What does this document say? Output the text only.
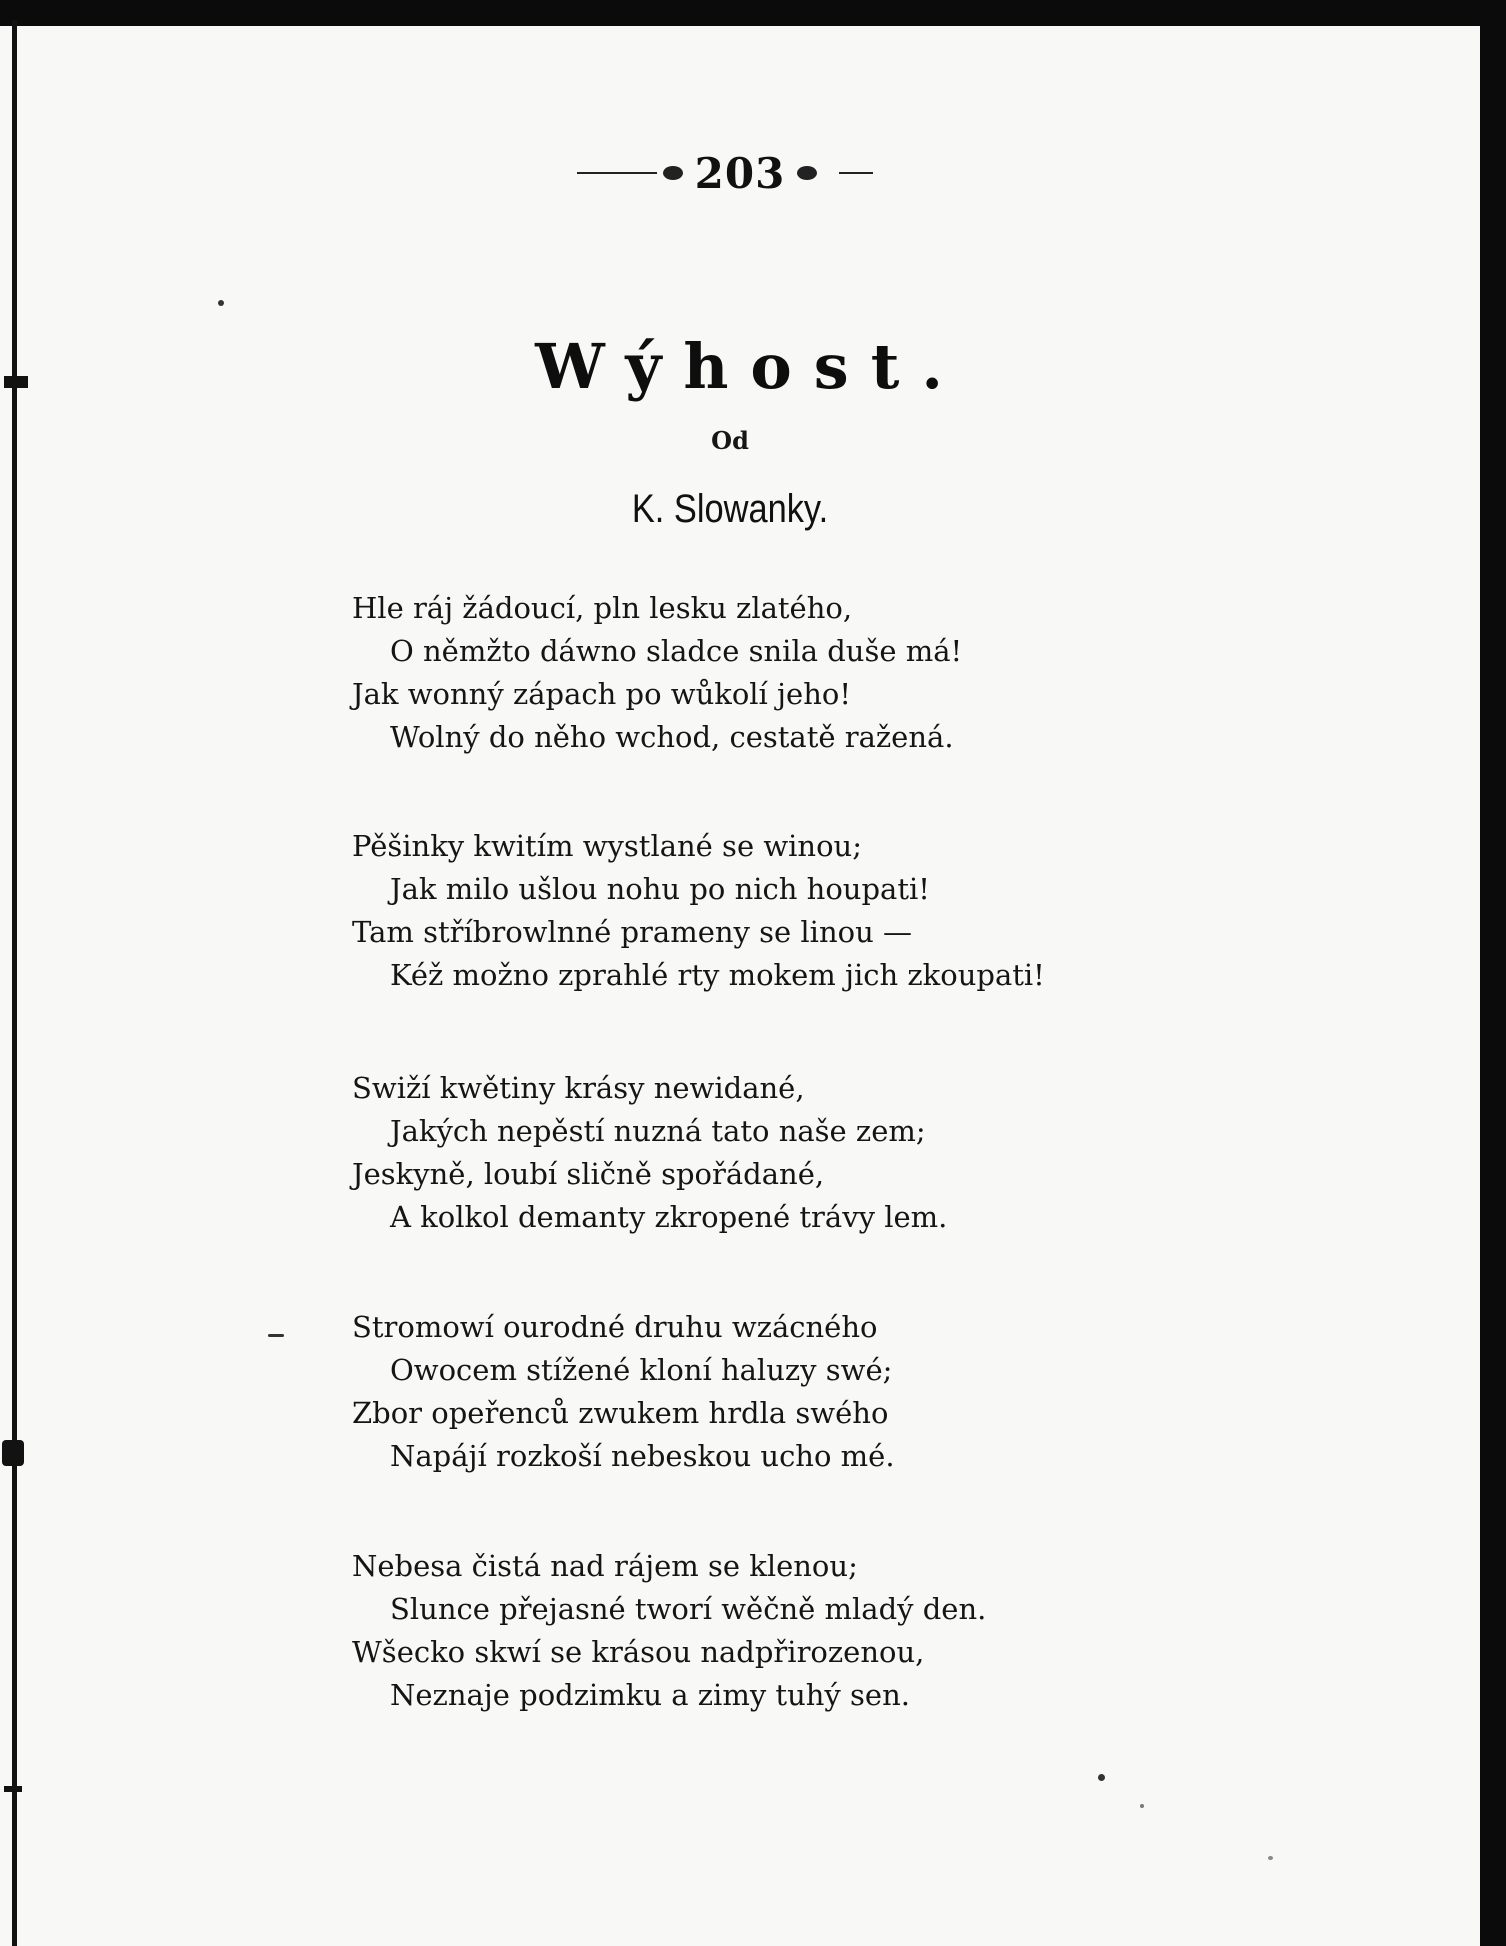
203
Wýhost.
Od
K. Slowanky.
Hle ráj žádoucí, pln lesku zlatého,
O němžto dáwno sladce snila duše má!
Jak wonný zápach po wůkolí jeho!
Wolný do něho wchod, cestatě ražená.
Pěšinky kwitím wystlané se winou;
Jak milo ušlou nohu po nich houpati!
Tam stříbrowlnné prameny se linou —
Kéž možno zprahlé rty mokem jich zkoupati!
Swiží kwětiny krásy newidané,
Jakých nepěstí nuzná tato naše zem;
Jeskyně, loubí sličně spořádané,
A kolkol demanty zkropené trávy lem.
Stromowí ourodné druhu wzácného
Owocem stížené kloní haluzy swé;
Zbor opeřenců zwukem hrdla swého
Napájí rozkoší nebeskou ucho mé.
Nebesa čistá nad rájem se klenou;
Slunce přejasné tworí wěčně mladý den.
Wšecko skwí se krásou nadpřirozenou,
Neznaje podzimku a zimy tuhý sen.
